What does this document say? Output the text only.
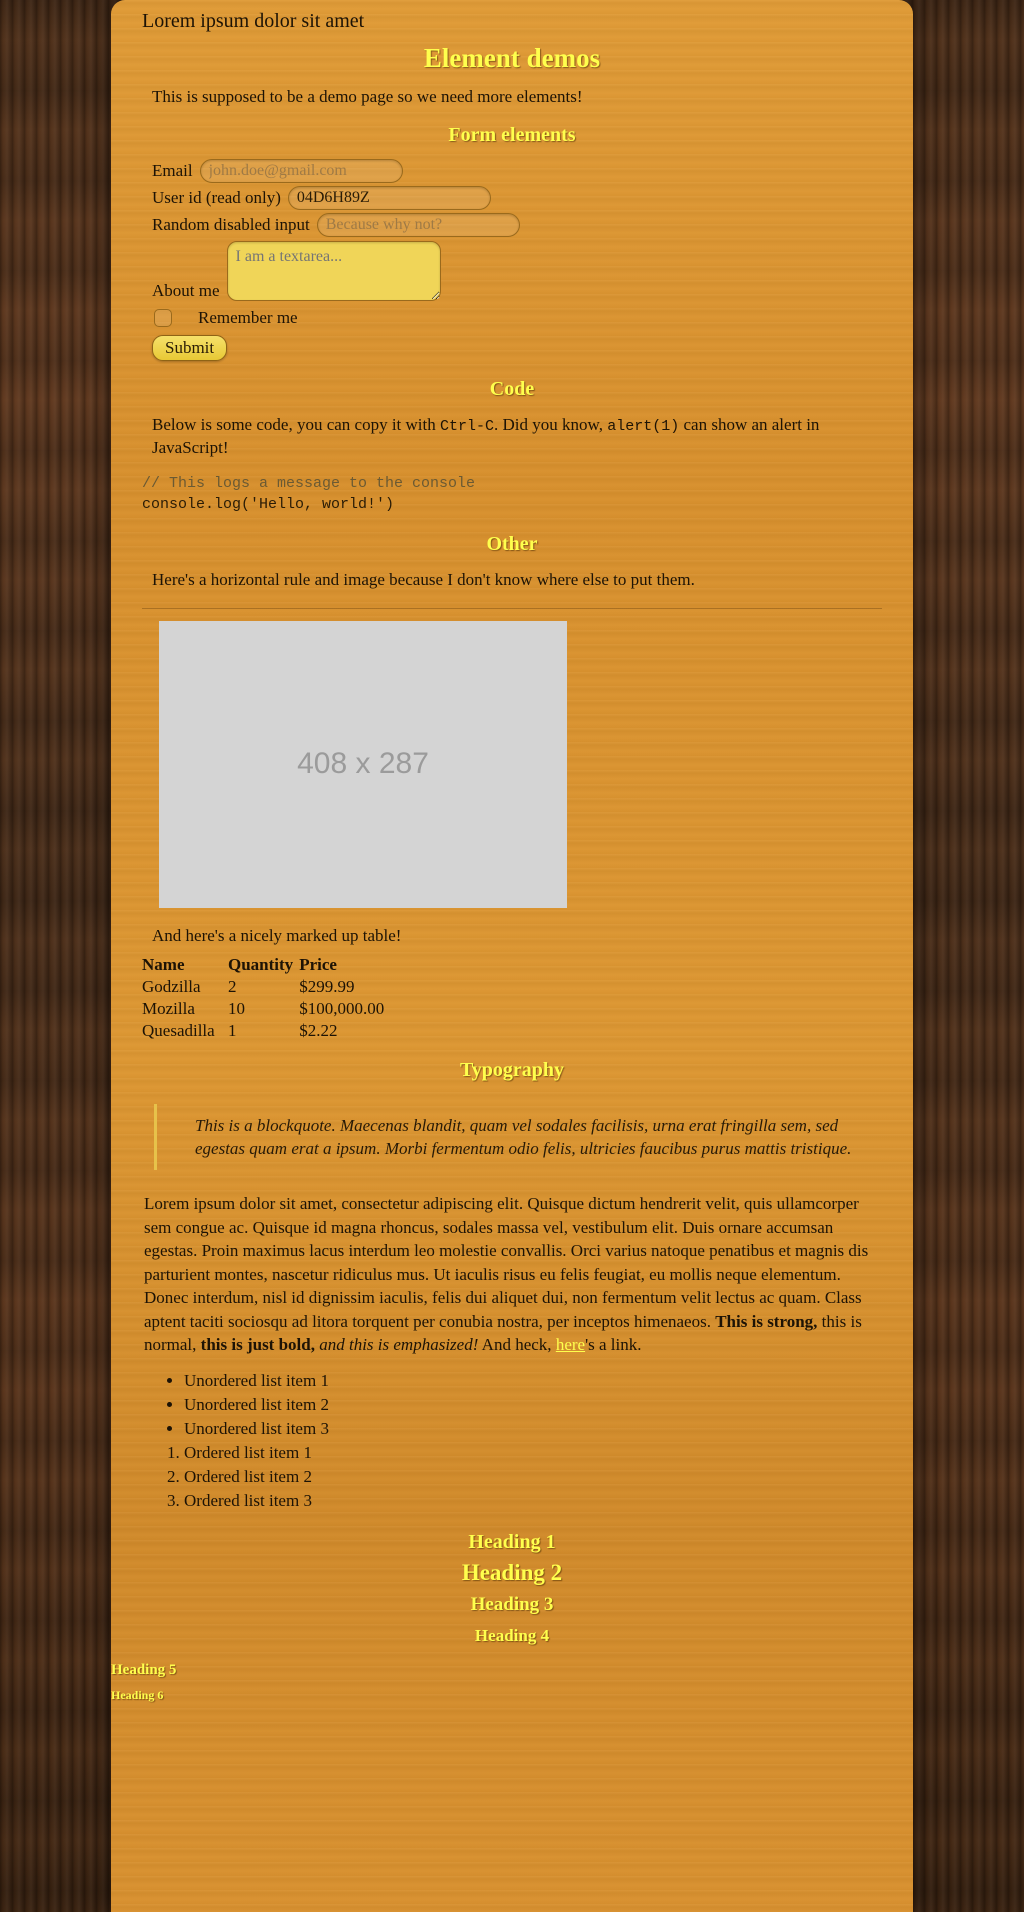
Lorem ipsum dolor sit amet
Element demos

This is supposed to be a demo page so we need more elements!

Form elements
Email
john.doe@gmail.com
User id (read only)
04D6H89Z
Random disabled input
Because why not?
About me
I am a textarea...
Remember me
Submit
Code

Below is some code, you can copy it with Ctrl-C. Did you know, alert(1) can show an alert in JavaScript!

// This logs a message to the console
console.log('Hello, world!')
Other

Here's a horizontal rule and image because I don't know where else to put them.

408 x 287

And here's a nicely marked up table!

Name	Quantity	Price
Godzilla	2	$299.99
Mozilla	10	$100,000.00
Quesadilla	1	$2.22
Typography
This is a blockquote. Maecenas blandit, quam vel sodales facilisis, urna erat fringilla sem, sed egestas quam erat a ipsum. Morbi fermentum odio felis, ultricies faucibus purus mattis tristique.

Lorem ipsum dolor sit amet, consectetur adipiscing elit. Quisque dictum hendrerit velit, quis ullamcorper sem congue ac. Quisque id magna rhoncus, sodales massa vel, vestibulum elit. Duis ornare accumsan egestas. Proin maximus lacus interdum leo molestie convallis. Orci varius natoque penatibus et magnis dis parturient montes, nascetur ridiculus mus. Ut iaculis risus eu felis feugiat, eu mollis neque elementum. Donec interdum, nisl id dignissim iaculis, felis dui aliquet dui, non fermentum velit lectus ac quam. Class aptent taciti sociosqu ad litora torquent per conubia nostra, per inceptos himenaeos. This is strong, this is normal, this is just bold, and this is emphasized! And heck, here's a link.

• Unordered list item 1
• Unordered list item 2
• Unordered list item 3
1. Ordered list item 1
2. Ordered list item 2
3. Ordered list item 3
Heading 1
Heading 2
Heading 3
Heading 4
Heading 5
Heading 6
